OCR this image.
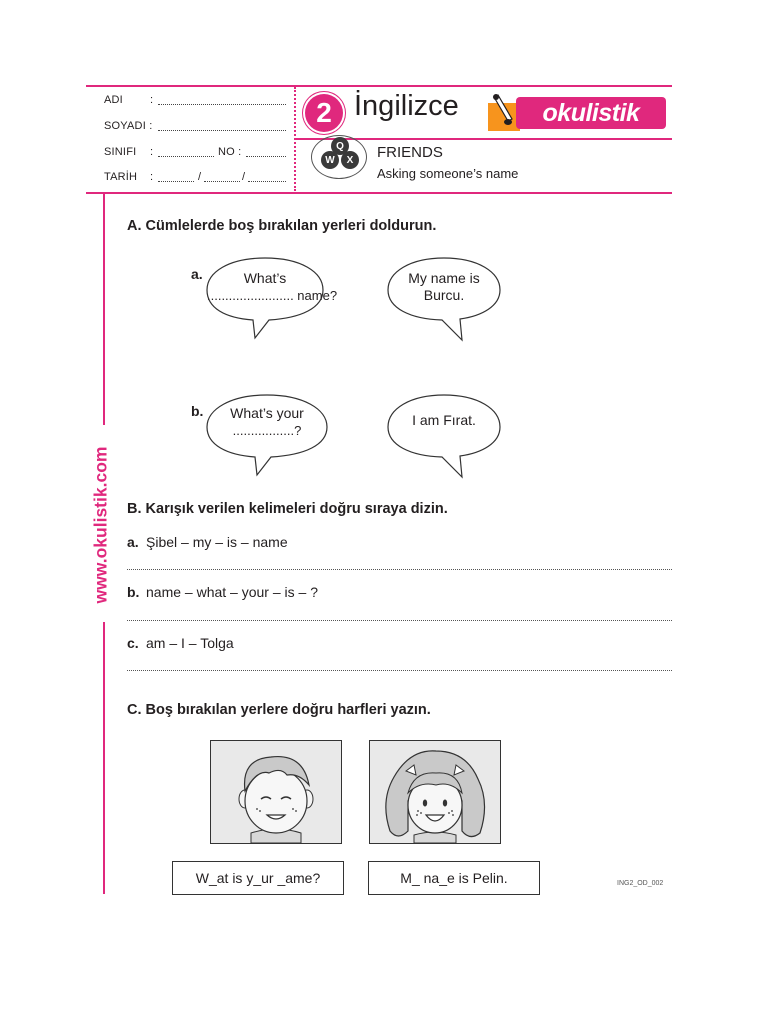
ADI :
SOYADI :
SINIFI :	NO :
TARİH :	/	/
2 İngilizce	okulistik
Q
W	X	FRIENDS
Asking someone’s name
www.okulistik.com
A. Cümlelerde boş bırakılan yerleri doldurun.
a.	What’s
........................ name?
My name is
Burcu.
b.	What’s your
.................?
I am Fırat.
B. Karışık verilen kelimeleri doğru sıraya dizin.
a. Şibel – my – is – name
b. name – what – your – is – ?
c. am – I – Tolga
C. Boş bırakılan yerlere doğru harfleri yazın.
W_at is y_ur _ame?	M_ na_e is Pelin.	ING2_OD_002
